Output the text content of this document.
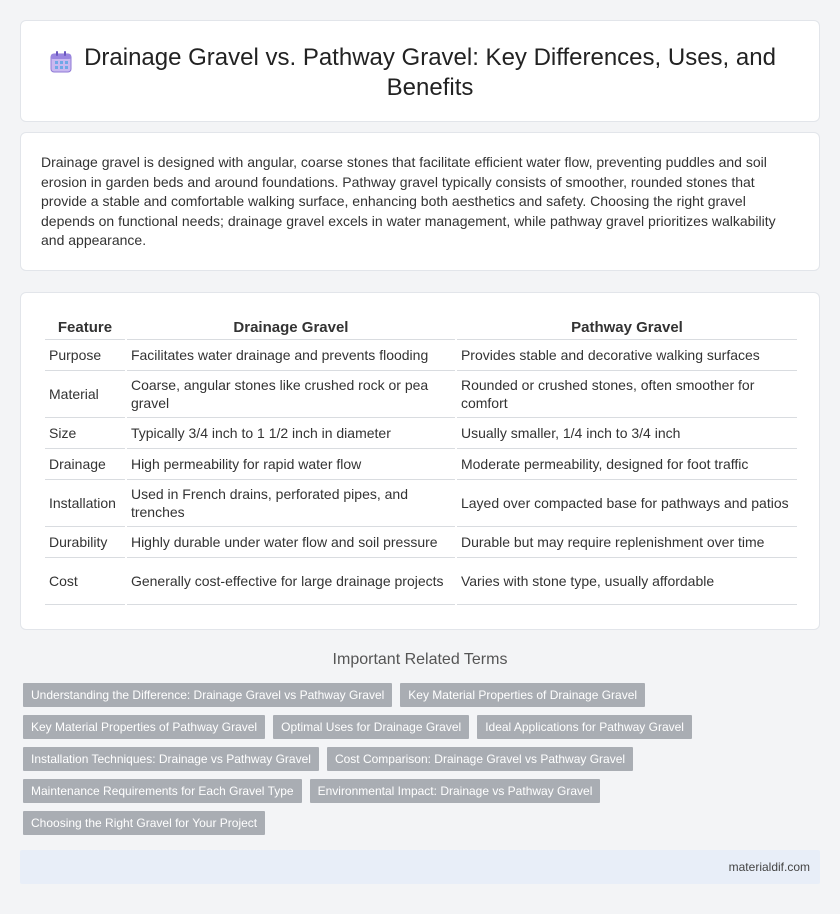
Drainage Gravel vs. Pathway Gravel: Key Differences, Uses, and Benefits

Drainage gravel is designed with angular, coarse stones that facilitate efficient water flow, preventing puddles and soil erosion in garden beds and around foundations. Pathway gravel typically consists of smoother, rounded stones that provide a stable and comfortable walking surface, enhancing both aesthetics and safety. Choosing the right gravel depends on functional needs; drainage gravel excels in water management, while pathway gravel prioritizes walkability and appearance.

Feature	Drainage Gravel	Pathway Gravel
Purpose	Facilitates water drainage and prevents flooding	Provides stable and decorative walking surfaces
Material	Coarse, angular stones like crushed rock or pea gravel	Rounded or crushed stones, often smoother for comfort
Size	Typically 3/4 inch to 1 1/2 inch in diameter	Usually smaller, 1/4 inch to 3/4 inch
Drainage	High permeability for rapid water flow	Moderate permeability, designed for foot traffic
Installation	Used in French drains, perforated pipes, and trenches	Layed over compacted base for pathways and patios
Durability	Highly durable under water flow and soil pressure	Durable but may require replenishment over time
Cost	Generally cost-effective for large drainage projects	Varies with stone type, usually affordable
Important Related Terms
Understanding the Difference: Drainage Gravel vs Pathway Gravel	Key Material Properties of Drainage Gravel
Key Material Properties of Pathway Gravel	Optimal Uses for Drainage Gravel	Ideal Applications for Pathway Gravel
Installation Techniques: Drainage vs Pathway Gravel	Cost Comparison: Drainage Gravel vs Pathway Gravel
Maintenance Requirements for Each Gravel Type	Environmental Impact: Drainage vs Pathway Gravel
Choosing the Right Gravel for Your Project
materialdif.com
